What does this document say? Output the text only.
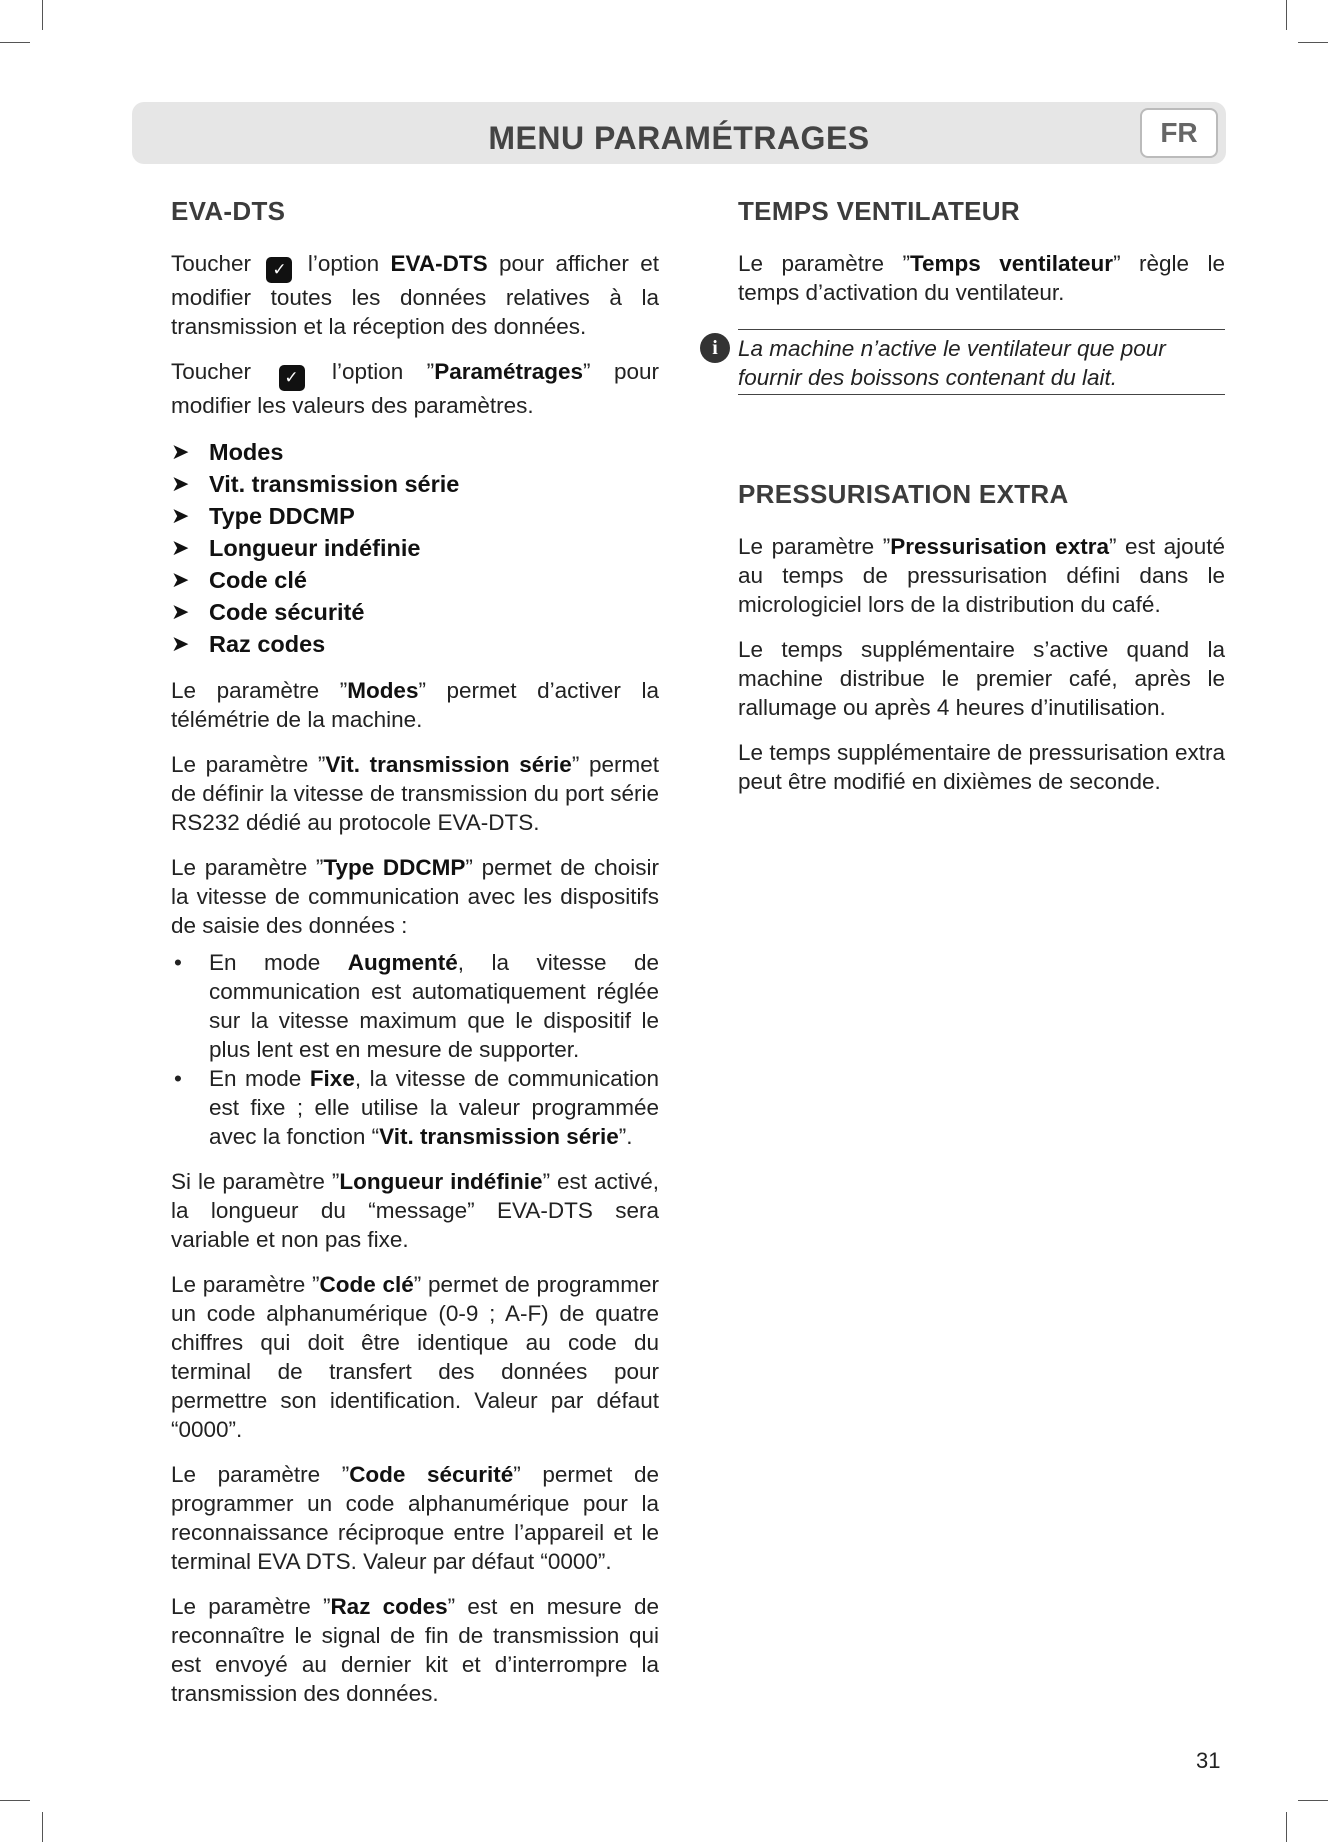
MENU PARAMÉTRAGES	FR
EVA-DTS

Toucher ✓ l’option EVA-DTS pour afficher et modifier toutes les données relatives à la transmission et la réception des données.

Toucher ✓ l’option ”Paramétrages” pour modifier les valeurs des paramètres.

➤ Modes
➤ Vit. transmission série
➤ Type DDCMP
➤ Longueur indéfinie
➤ Code clé
➤ Code sécurité
➤ Raz codes

Le paramètre ”Modes” permet d’activer la télémétrie de la machine.

Le paramètre ”Vit. transmission série” permet de définir la vitesse de transmission du port série RS232 dédié au protocole EVA-DTS.

Le paramètre ”Type DDCMP” permet de choisir la vitesse de communication avec les dispositifs de saisie des données :

• En mode Augmenté, la vitesse de communication est automatiquement réglée sur la vitesse maximum que le dispositif le plus lent est en mesure de supporter.
• En mode Fixe, la vitesse de communication est fixe ; elle utilise la valeur programmée avec la fonction “Vit. transmission série”.

Si le paramètre ”Longueur indéfinie” est activé, la longueur du “message” EVA-DTS sera variable et non pas fixe.

Le paramètre ”Code clé” permet de programmer un code alphanumérique (0-9 ; A-F) de quatre chiffres qui doit être identique au code du terminal de transfert des données pour permettre son identification. Valeur par défaut “0000”.

Le paramètre ”Code sécurité” permet de programmer un code alphanumérique pour la reconnaissance réciproque entre l’appareil et le terminal EVA DTS. Valeur par défaut “0000”.

Le paramètre ”Raz codes” est en mesure de reconnaître le signal de fin de transmission qui est envoyé au dernier kit et d’interrompre la transmission des données.

TEMPS VENTILATEUR

Le paramètre ”Temps ventilateur” règle le temps d’activation du ventilateur.

i La machine n’active le ventilateur que pour fournir des boissons contenant du lait.

PRESSURISATION EXTRA

Le paramètre ”Pressurisation extra” est ajouté au temps de pressurisation défini dans le micrologiciel lors de la distribution du café.

Le temps supplémentaire s’active quand la machine distribue le premier café, après le rallumage ou après 4 heures d’inutilisation.

Le temps supplémentaire de pressurisation extra peut être modifié en dixièmes de seconde.

31
